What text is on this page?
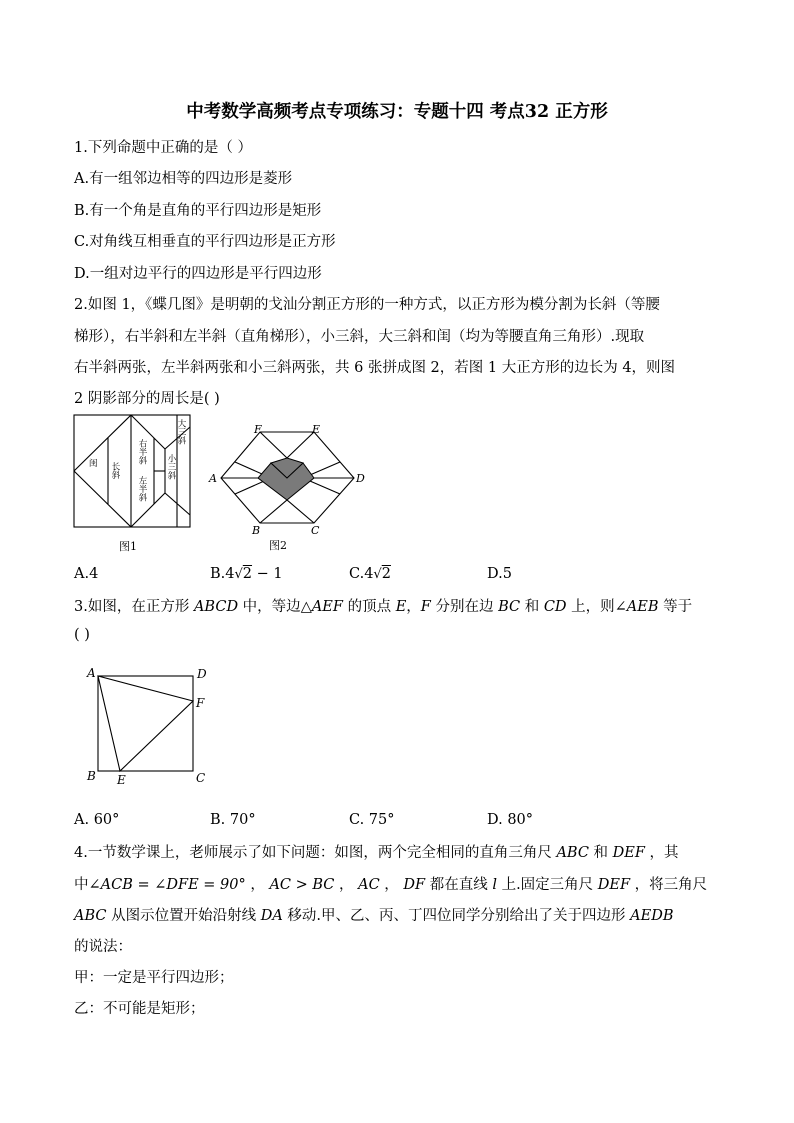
中考数学高频考点专项练习：专题十四 考点32 正方形
1.下列命题中正确的是（ ）
A.有一组邻边相等的四边形是菱形
B.有一个角是直角的平行四边形是矩形
C.对角线互相垂直的平行四边形是正方形
D.一组对边平行的四边形是平行四边形
2.如图 1，《蝶几图》是明朝的戈汕分割正方形的一种方式，以正方形为模分割为长斜（等腰
梯形），右半斜和左半斜（直角梯形），小三斜，大三斜和闺（均为等腰直角三角形）.现取
右半斜两张，左半斜两张和小三斜两张，共 6 张拼成图 2，若图 1 大正方形的边长为 4，则图
2 阴影部分的周长是( )
闺 长斜
右半斜
左半斜
小三斜
大三斜
图1
F	E
A	D
B	C
图2
A.4	B.4√2 − 1	C.4√2	D.5
3.如图，在正方形 ABCD 中，等边△AEF 的顶点 E，F 分别在边 BC 和 CD 上，则∠AEB 等于
( )
A	D
F
B E	C
A. 60°	B. 70°	C. 75°	D. 80°
4.一节数学课上，老师展示了如下问题：如图，两个完全相同的直角三角尺 ABC 和 DEF ，其
中∠ACB = ∠DFE = 90° ， AC > BC ， AC ， DF 都在直线 l 上.固定三角尺 DEF ，将三角尺
ABC 从图示位置开始沿射线 DA 移动.甲、乙、丙、丁四位同学分别给出了关于四边形 AEDB
的说法：
甲：一定是平行四边形；
乙：不可能是矩形；
